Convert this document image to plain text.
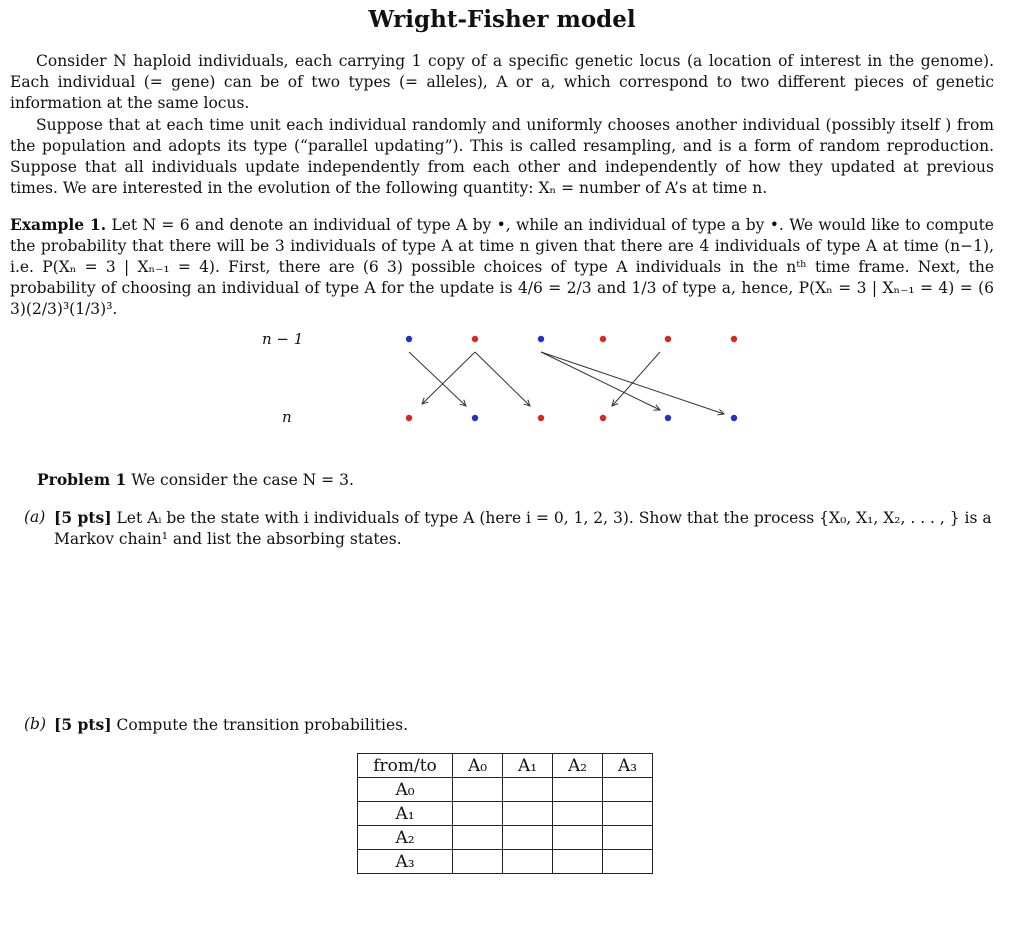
Wright-Fisher model
Consider N haploid individuals, each carrying 1 copy of a specific genetic locus (a location of interest in the genome). Each individual (= gene) can be of two types (= alleles), A or a, which correspond to two different pieces of genetic information at the same locus.
Suppose that at each time unit each individual randomly and uniformly chooses another individual (possibly itself ) from the population and adopts its type (“parallel updating”). This is called resampling, and is a form of random reproduction. Suppose that all individuals update independently from each other and independently of how they updated at previous times. We are interested in the evolution of the following quantity: Xₙ = number of A’s at time n.
Example 1. Let N = 6 and denote an individual of type A by •, while an individual of type a by •. We would like to compute the probability that there will be 3 individuals of type A at time n given that there are 4 individuals of type A at time (n−1), i.e. P(Xₙ = 3 | Xₙ₋₁ = 4). First, there are (6 3) possible choices of type A individuals in the nᵗʰ time frame. Next, the probability of choosing an individual of type A for the update is 4/6 = 2/3 and 1/3 of type a, hence, P(Xₙ = 3 | Xₙ₋₁ = 4) = (6 3)(2/3)³(1/3)³.
n − 1
n
Problem 1 We consider the case N = 3.
(a) [5 pts] Let Aᵢ be the state with i individuals of type A (here i = 0, 1, 2, 3). Show that the process {X₀, X₁, X₂, . . . , } is a Markov chain¹ and list the absorbing states.
(b) [5 pts] Compute the transition probabilities.
from/to	A₀	A₁	A₂	A₃
A₀				
A₁				
A₂				
A₃				
